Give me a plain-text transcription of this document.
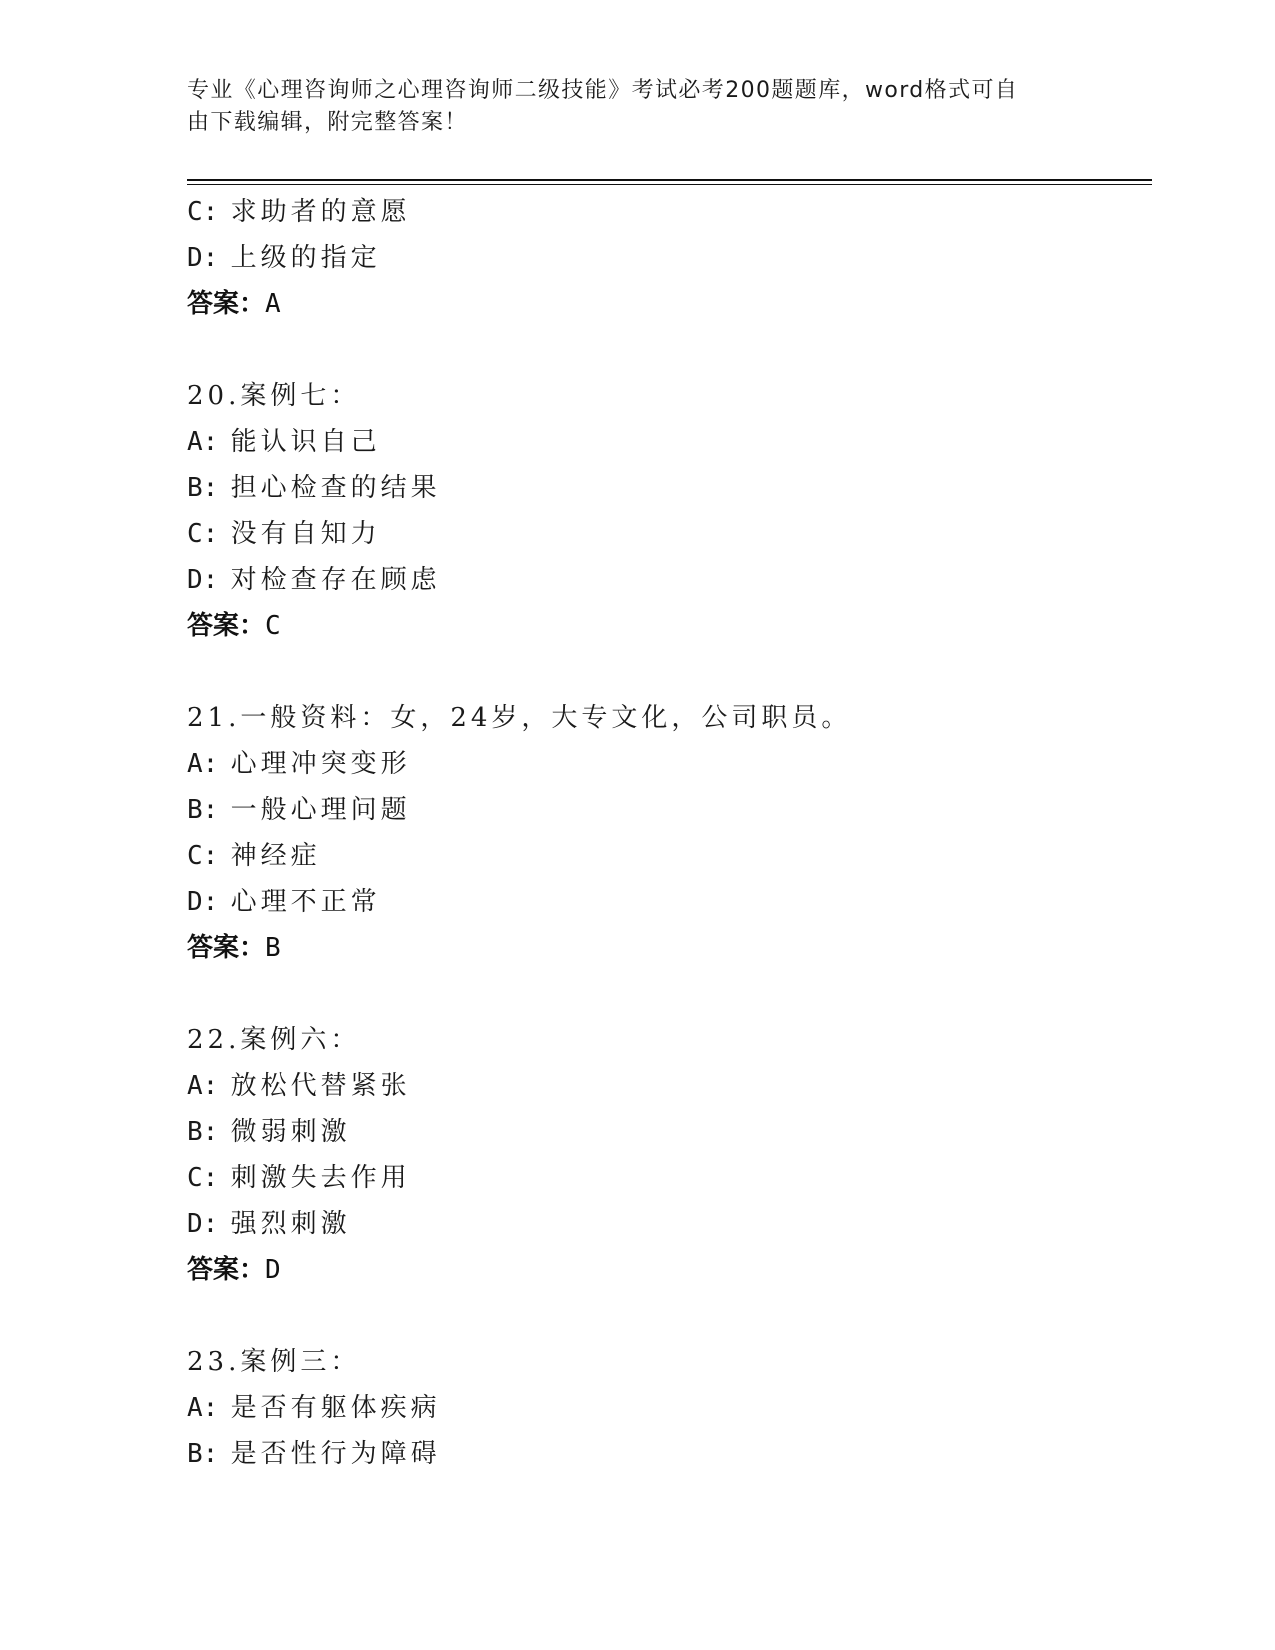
专业《心理咨询师之心理咨询师二级技能》考试必考200题题库，word格式可自
由下载编辑，附完整答案！
C: 求助者的意愿
D: 上级的指定
答案：A
20.案例七：
A: 能认识自己
B: 担心检查的结果
C: 没有自知力
D: 对检查存在顾虑
答案：C
21.一般资料：女，24岁，大专文化，公司职员。
A: 心理冲突变形
B: 一般心理问题
C: 神经症
D: 心理不正常
答案：B
22.案例六：
A: 放松代替紧张
B: 微弱刺激
C: 刺激失去作用
D: 强烈刺激
答案：D
23.案例三：
A: 是否有躯体疾病
B: 是否性行为障碍
